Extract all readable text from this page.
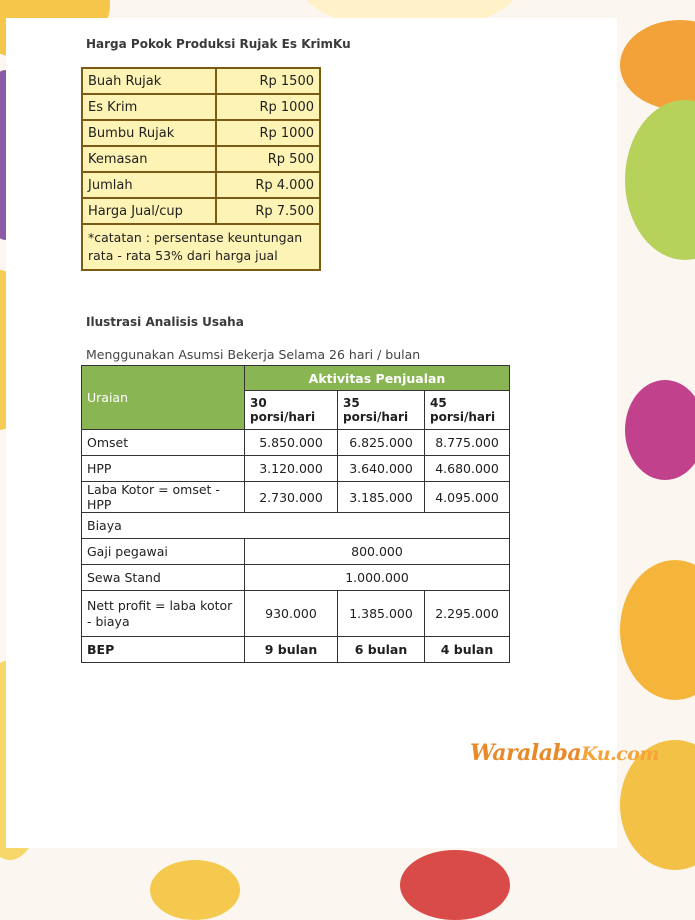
Harga Pokok Produksi Rujak Es KrimKu
Buah Rujak	Rp 1500
Es Krim	Rp 1000
Bumbu Rujak	Rp 1000
Kemasan	Rp 500
Jumlah	Rp 4.000
Harga Jual/cup	Rp 7.500
*catatan : persentase keuntungan rata - rata 53% dari harga jual	
Ilustrasi Analisis Usaha
Menggunakan Asumsi Bekerja Selama 26 hari / bulan
Uraian	Aktivitas Penjualan		
	30 porsi/hari	35 porsi/hari	45 porsi/hari
Omset	5.850.000	6.825.000	8.775.000
HPP	3.120.000	3.640.000	4.680.000
Laba Kotor = omset - HPP	2.730.000	3.185.000	4.095.000
Biaya			
Gaji pegawai	800.000		
Sewa Stand	1.000.000		
Nett profit = laba kotor - biaya	930.000	1.385.000	2.295.000
BEP	9 bulan	6 bulan	4 bulan
WaralabaKu.com
